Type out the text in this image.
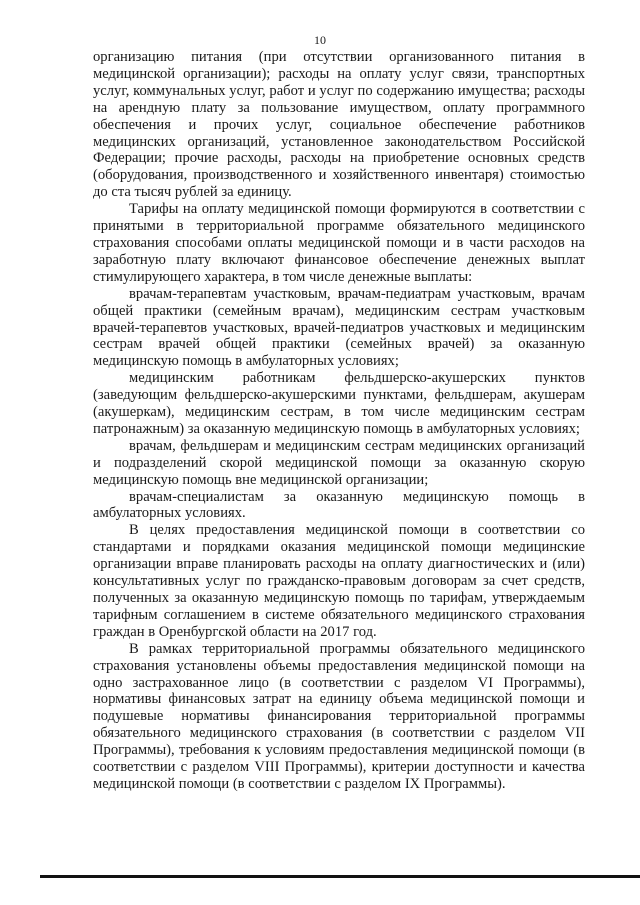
10

организацию питания (при отсутствии организованного питания в медицинской организации); расходы на оплату услуг связи, транспортных услуг, коммунальных услуг, работ и услуг по содержанию имущества; расходы на арендную плату за пользование имуществом, оплату программного обеспечения и прочих услуг, социальное обеспечение работников медицинских организаций, установленное законодательством Российской Федерации; прочие расходы, расходы на приобретение основных средств (оборудования, производственного и хозяйственного инвентаря) стоимостью до ста тысяч рублей за единицу.

Тарифы на оплату медицинской помощи формируются в соответствии с принятыми в территориальной программе обязательного медицинского страхования способами оплаты медицинской помощи и в части расходов на заработную плату включают финансовое обеспечение денежных выплат стимулирующего характера, в том числе денежные выплаты:

врачам-терапевтам участковым, врачам-педиатрам участковым, врачам общей практики (семейным врачам), медицинским сестрам участковым врачей-терапевтов участковых, врачей-педиатров участковых и медицинским сестрам врачей общей практики (семейных врачей) за оказанную медицинскую помощь в амбулаторных условиях;

медицинским работникам фельдшерско-акушерских пунктов (заведующим фельдшерско-акушерскими пунктами, фельдшерам, акушерам (акушеркам), медицинским сестрам, в том числе медицинским сестрам патронажным) за оказанную медицинскую помощь в амбулаторных условиях;

врачам, фельдшерам и медицинским сестрам медицинских организаций и подразделений скорой медицинской помощи за оказанную скорую медицинскую помощь вне медицинской организации;

врачам-специалистам за оказанную медицинскую помощь в амбулаторных условиях.

В целях предоставления медицинской помощи в соответствии со стандартами и порядками оказания медицинской помощи медицинские организации вправе планировать расходы на оплату диагностических и (или) консультативных услуг по гражданско-правовым договорам за счет средств, полученных за оказанную медицинскую помощь по тарифам, утверждаемым тарифным соглашением в системе обязательного медицинского страхования граждан в Оренбургской области на 2017 год.

В рамках территориальной программы обязательного медицинского страхования установлены объемы предоставления медицинской помощи на одно застрахованное лицо (в соответствии с разделом VI Программы), нормативы финансовых затрат на единицу объема медицинской помощи и подушевые нормативы финансирования территориальной программы обязательного медицинского страхования (в соответствии с разделом VII Программы), требования к условиям предоставления медицинской помощи (в соответствии с разделом VIII Программы), критерии доступности и качества медицинской помощи (в соответствии с разделом IX Программы).
